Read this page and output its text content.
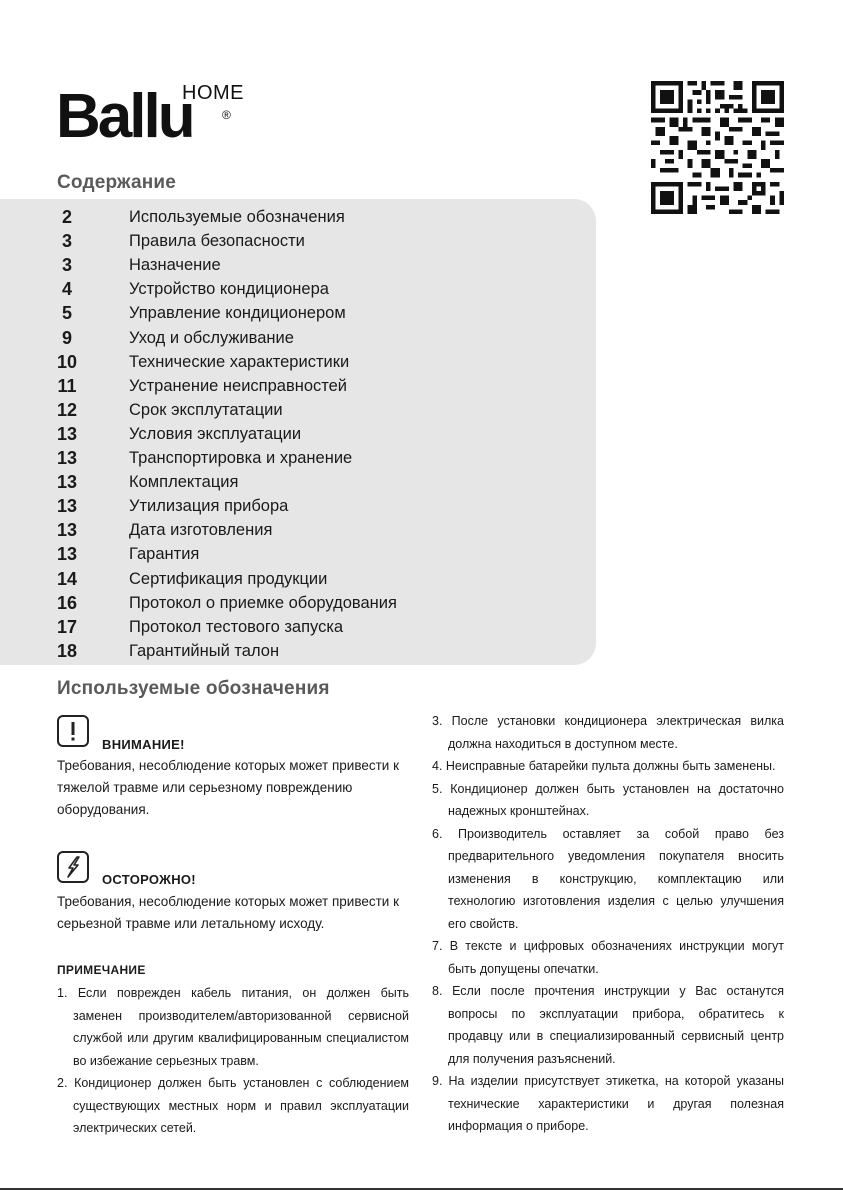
Ballu
HOME
®
Содержание
2	Используемые обозначения
3	Правила безопасности
3	Назначение
4	Устройство кондиционера
5	Управление кондиционером
9	Уход и обслуживание
10	Технические характеристики
11	Устранение неисправностей
12	Срок эксплутатации
13	Условия эксплуатации
13	Транспортировка и хранение
13	Комплектация
13	Утилизация прибора
13	Дата изготовления
13	Гарантия
14	Сертификация продукции
16	Протокол о приемке оборудования
17	Протокол тестового запуска
18	Гарантийный талон
Используемые обозначения
ВНИМАНИЕ!

Требования, несоблюдение которых может привести к тяжелой травме или серьезному повреждению оборудования.

ОСТОРОЖНО!

Требования, несоблюдение которых может привести к серьезной травме или летальному исходу.

ПРИМЕЧАНИЕ
1. Если поврежден кабель питания, он должен быть заменен производителем/авторизованной сервисной службой или другим квалифицированным специалистом во избежание серьезных травм.
2. Кондиционер должен быть установлен с соблюдением существующих местных норм и правил эксплуатации электрических сетей.
3. После установки кондиционера электрическая вилка должна находиться в доступном месте.
4. Неисправные батарейки пульта должны быть заменены.
5. Кондиционер должен быть установлен на достаточно надежных кронштейнах.
6. Производитель оставляет за собой право без предварительного уведомления покупателя вносить изменения в конструкцию, комплектацию или технологию изготовления изделия с целью улучшения его свойств.
7. В тексте и цифровых обозначениях инструкции могут быть допущены опечатки.
8. Если после прочтения инструкции у Вас останутся вопросы по эксплуатации прибора, обратитесь к продавцу или в специализированный сервисный центр для получения разъяснений.
9. На изделии присутствует этикетка, на которой указаны технические характеристики и другая полезная информация о приборе.
